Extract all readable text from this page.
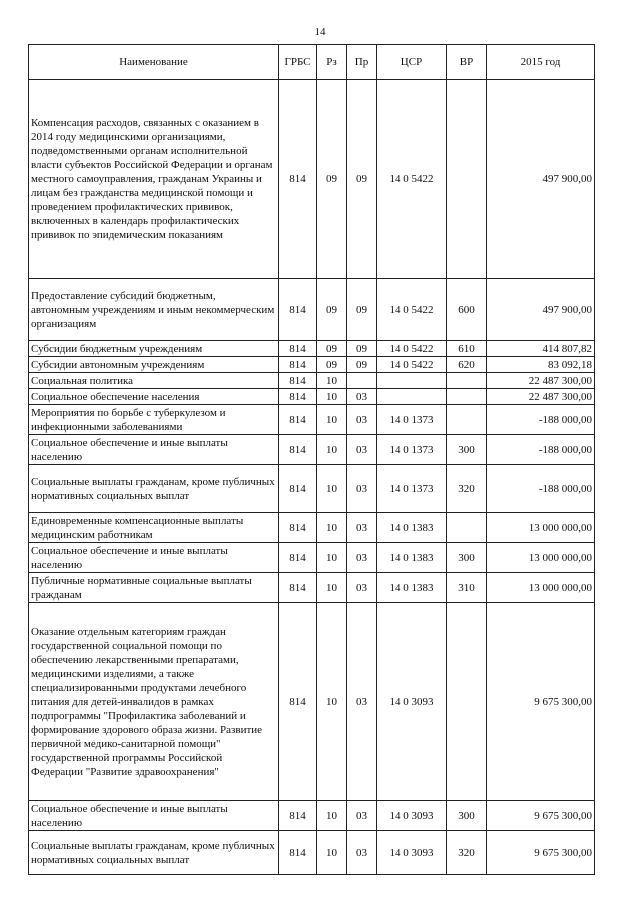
14
Наименование	ГРБС	Рз	Пр	ЦСР	ВР	2015 год
Компенсация расходов, связанных с оказанием в 2014 году медицинскими организациями, подведомственными органам исполнительной власти субъектов Российской Федерации и органам местного самоуправления, гражданам Украины и лицам без гражданства медицинской помощи и проведением профилактических прививок, включенных в календарь профилактических прививок по эпидемическим показаниям	814	09	09	14 0 5422		497 900,00
Предоставление субсидий бюджетным, автономным учреждениям и иным некоммерческим организациям	814	09	09	14 0 5422	600	497 900,00
Субсидии бюджетным учреждениям	814	09	09	14 0 5422	610	414 807,82
Субсидии автономным учреждениям	814	09	09	14 0 5422	620	83 092,18
Социальная политика	814	10				22 487 300,00
Социальное обеспечение населения	814	10	03			22 487 300,00
Мероприятия по борьбе с туберкулезом и инфекционными заболеваниями	814	10	03	14 0 1373		-188 000,00
Социальное обеспечение и иные выплаты населению	814	10	03	14 0 1373	300	-188 000,00
Социальные выплаты гражданам, кроме публичных нормативных социальных выплат	814	10	03	14 0 1373	320	-188 000,00
Единовременные компенсационные выплаты медицинским работникам	814	10	03	14 0 1383		13 000 000,00
Социальное обеспечение и иные выплаты населению	814	10	03	14 0 1383	300	13 000 000,00
Публичные нормативные социальные выплаты гражданам	814	10	03	14 0 1383	310	13 000 000,00
Оказание отдельным категориям граждан государственной социальной помощи по обеспечению лекарственными препаратами, медицинскими изделиями, а также специализированными продуктами лечебного питания для детей-инвалидов в рамках подпрограммы "Профилактика заболеваний и формирование здорового образа жизни. Развитие первичной медико-санитарной помощи" государственной программы Российской Федерации "Развитие здравоохранения"	814	10	03	14 0 3093		9 675 300,00
Социальное обеспечение и иные выплаты населению	814	10	03	14 0 3093	300	9 675 300,00
Социальные выплаты гражданам, кроме публичных нормативных социальных выплат	814	10	03	14 0 3093	320	9 675 300,00
